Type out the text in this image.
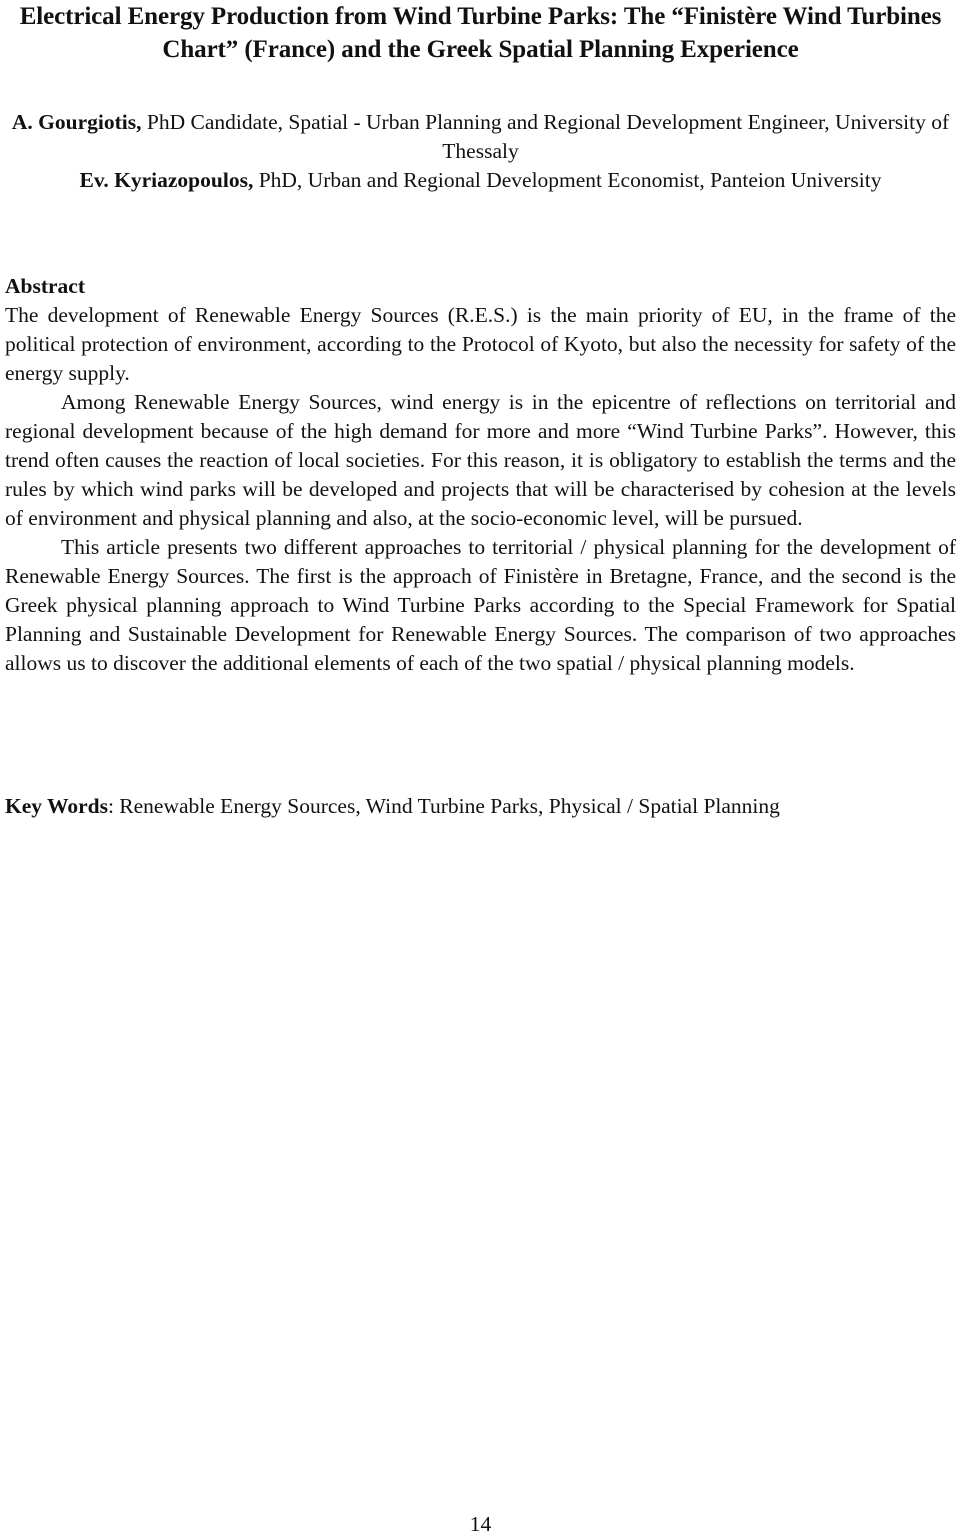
Electrical Energy Production from Wind Turbine Parks: The “Finistère Wind Turbines Chart” (France) and the Greek Spatial Planning Experience

A. Gourgiotis, PhD Candidate, Spatial - Urban Planning and Regional Development Engineer, University of Thessaly

Ev. Kyriazopoulos, PhD, Urban and Regional Development Economist, Panteion University

Abstract

The development of Renewable Energy Sources (R.E.S.) is the main priority of EU, in the frame of the political protection of environment, according to the Protocol of Kyoto, but also the necessity for safety of the energy supply.

Among Renewable Energy Sources, wind energy is in the epicentre of reflections on territorial and regional development because of the high demand for more and more “Wind Turbine Parks”. However, this trend often causes the reaction of local societies. For this reason, it is obligatory to establish the terms and the rules by which wind parks will be developed and projects that will be characterised by cohesion at the levels of environment and physical planning and also, at the socio-economic level, will be pursued.

This article presents two different approaches to territorial / physical planning for the development of Renewable Energy Sources. The first is the approach of Finistère in Bretagne, France, and the second is the Greek physical planning approach to Wind Turbine Parks according to the Special Framework for Spatial Planning and Sustainable Development for Renewable Energy Sources. The comparison of two approaches allows us to discover the additional elements of each of the two spatial / physical planning models.

Key Words: Renewable Energy Sources, Wind Turbine Parks, Physical / Spatial Planning

14
